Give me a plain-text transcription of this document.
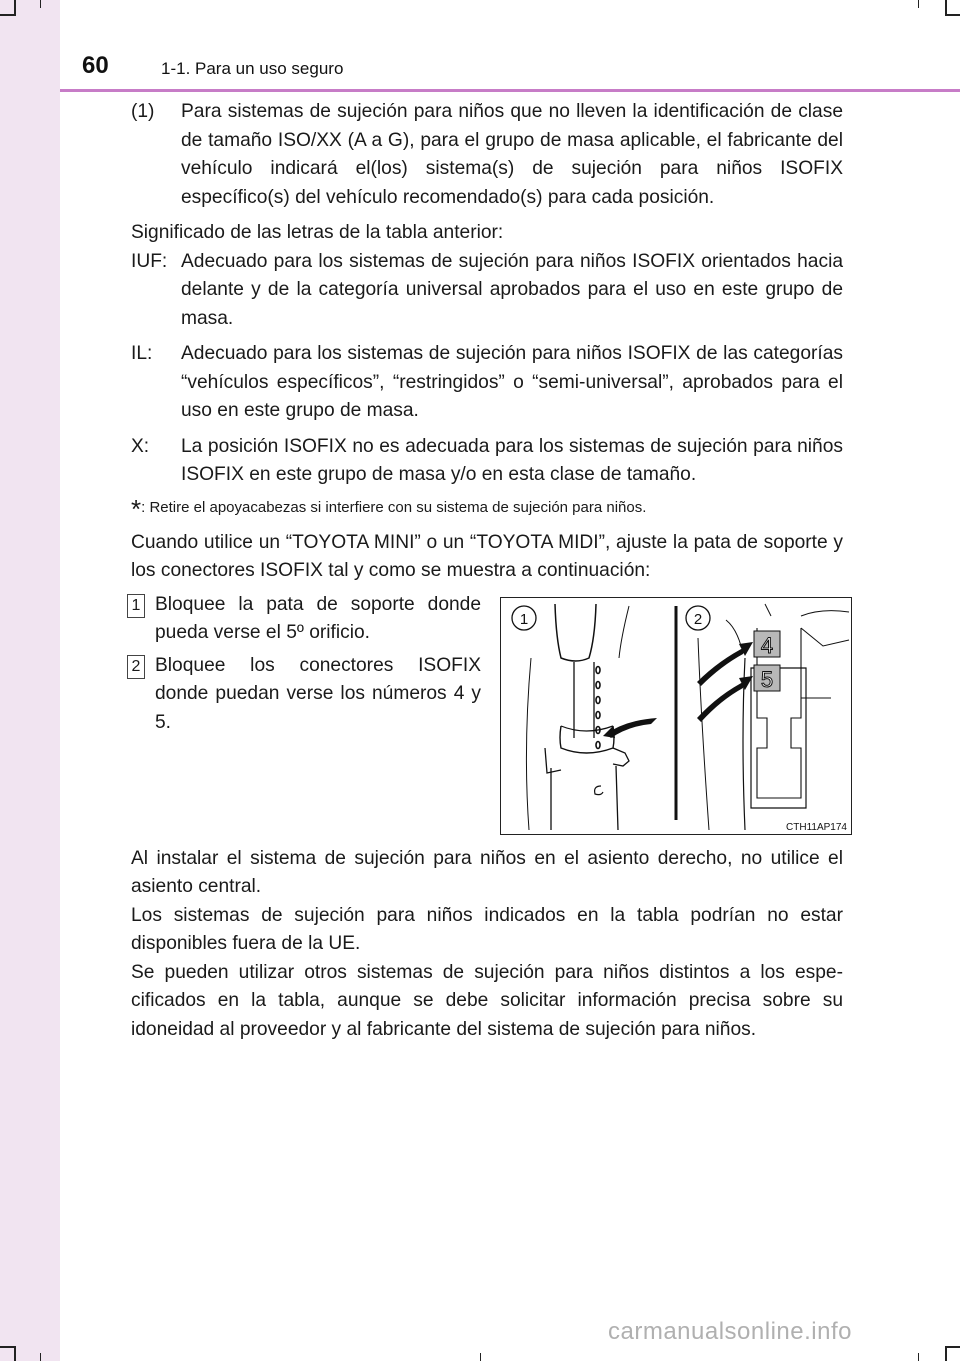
60	1-1. Para un uso seguro
(1)	Para sistemas de sujeción para niños que no lleven la identificación de clase de tamaño ISO/XX (A a G), para el grupo de masa aplicable, el fabricante del vehículo indicará el(los) sistema(s) de sujeción para niños ISOFIX específico(s) del vehículo recomendado(s) para cada posición.

Significado de las letras de la tabla anterior:

IUF: Adecuado para los sistemas de sujeción para niños ISOFIX orientados hacia delante y de la categoría universal aprobados para el uso en este grupo de masa.
IL:	Adecuado para los sistemas de sujeción para niños ISOFIX de las categorías “vehículos específicos”, “restringidos” o “semi-universal”, aprobados para el uso en este grupo de masa.
X:	La posición ISOFIX no es adecuada para los sistemas de sujeción para niños ISOFIX en este grupo de masa y/o en esta clase de tamaño.

*: Retire el apoyacabezas si interfiere con su sistema de sujeción para niños.

Cuando utilice un “TOYOTA MINI” o un “TOYOTA MIDI”, ajuste la pata de soporte y los conectores ISOFIX tal y como se muestra a continuación:

1 Bloquee la pata de soporte donde pueda verse el 5º orificio.
2 Bloquee los conectores ISOFIX donde puedan verse los números 4 y 5.
4
5
1	2
CTH11AP174

Al instalar el sistema de sujeción para niños en el asiento derecho, no utilice el asiento central.

Los sistemas de sujeción para niños indicados en la tabla podrían no estar disponibles fuera de la UE.

Se pueden utilizar otros sistemas de sujeción para niños distintos a los especificados en la tabla, aunque se debe solicitar información precisa sobre su idoneidad al proveedor y al fabricante del sistema de sujeción para niños.

carmanualsonline.info
